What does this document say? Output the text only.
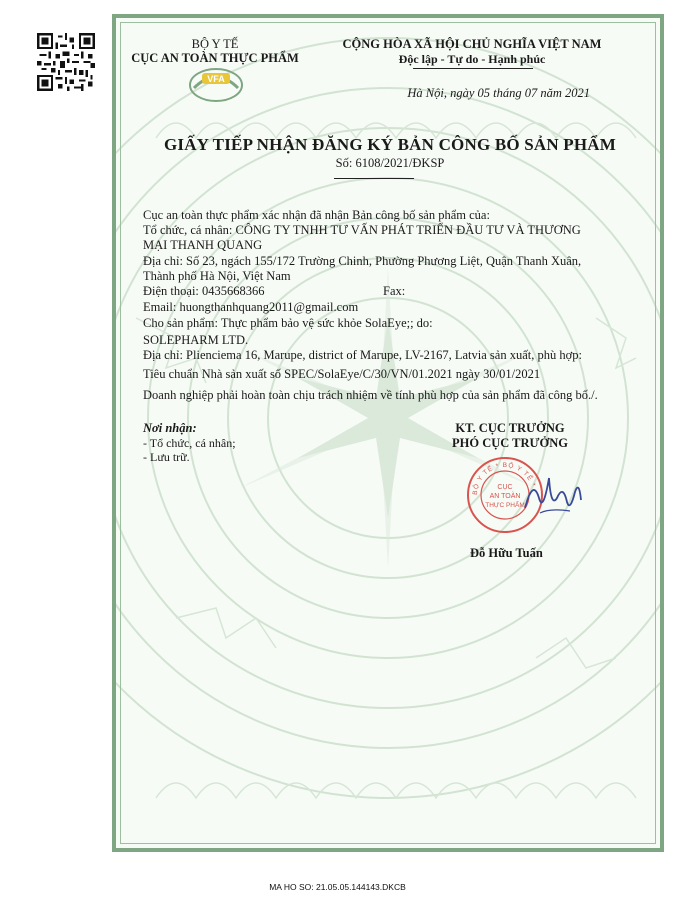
BỘ Y TẾ
CỤC AN TOÀN THỰC PHẨM
VFA
CỘNG HÒA XÃ HỘI CHỦ NGHĨA VIỆT NAM
Độc lập - Tự do - Hạnh phúc
Hà Nội, ngày 05 tháng 07 năm 2021
GIẤY TIẾP NHẬN ĐĂNG KÝ BẢN CÔNG BỐ SẢN PHẨM
Số: 6108/2021/ĐKSP
Cục an toàn thực phẩm xác nhận đã nhận Bản công bố sản phẩm của:
Tổ chức, cá nhân: CÔNG TY TNHH TƯ VẤN PHÁT TRIỂN ĐẦU TƯ VÀ THƯƠNG
MẠI THANH QUANG
Địa chỉ: Số 23, ngách 155/172 Trường Chinh, Phường Phương Liệt, Quận Thanh Xuân,
Thành phố Hà Nội, Việt Nam
Điện thoại: 0435668366	Fax:
Email: huongthanhquang2011@gmail.com
Cho sản phẩm: Thực phẩm bảo vệ sức khỏe SolaEye;; do:
SOLEPHARM LTD.
Địa chỉ: Plienciema 16, Marupe, district of Marupe, LV-2167, Latvia sản xuất, phù hợp:
Tiêu chuẩn Nhà sản xuất số SPEC/SolaEye/C/30/VN/01.2021 ngày 30/01/2021
Doanh nghiệp phải hoàn toàn chịu trách nhiệm về tính phù hợp của sản phẩm đã công bố./.
Nơi nhận:
- Tổ chức, cá nhân;
- Lưu trữ.
KT. CỤC TRƯỞNG
PHÓ CỤC TRƯỞNG
BỘ Y TẾ * BỘ Y TẾ *
CỤC
AN TOÀN
THỰC PHẨM
Đỗ Hữu Tuấn
MA HO SO: 21.05.05.144143.DKCB
